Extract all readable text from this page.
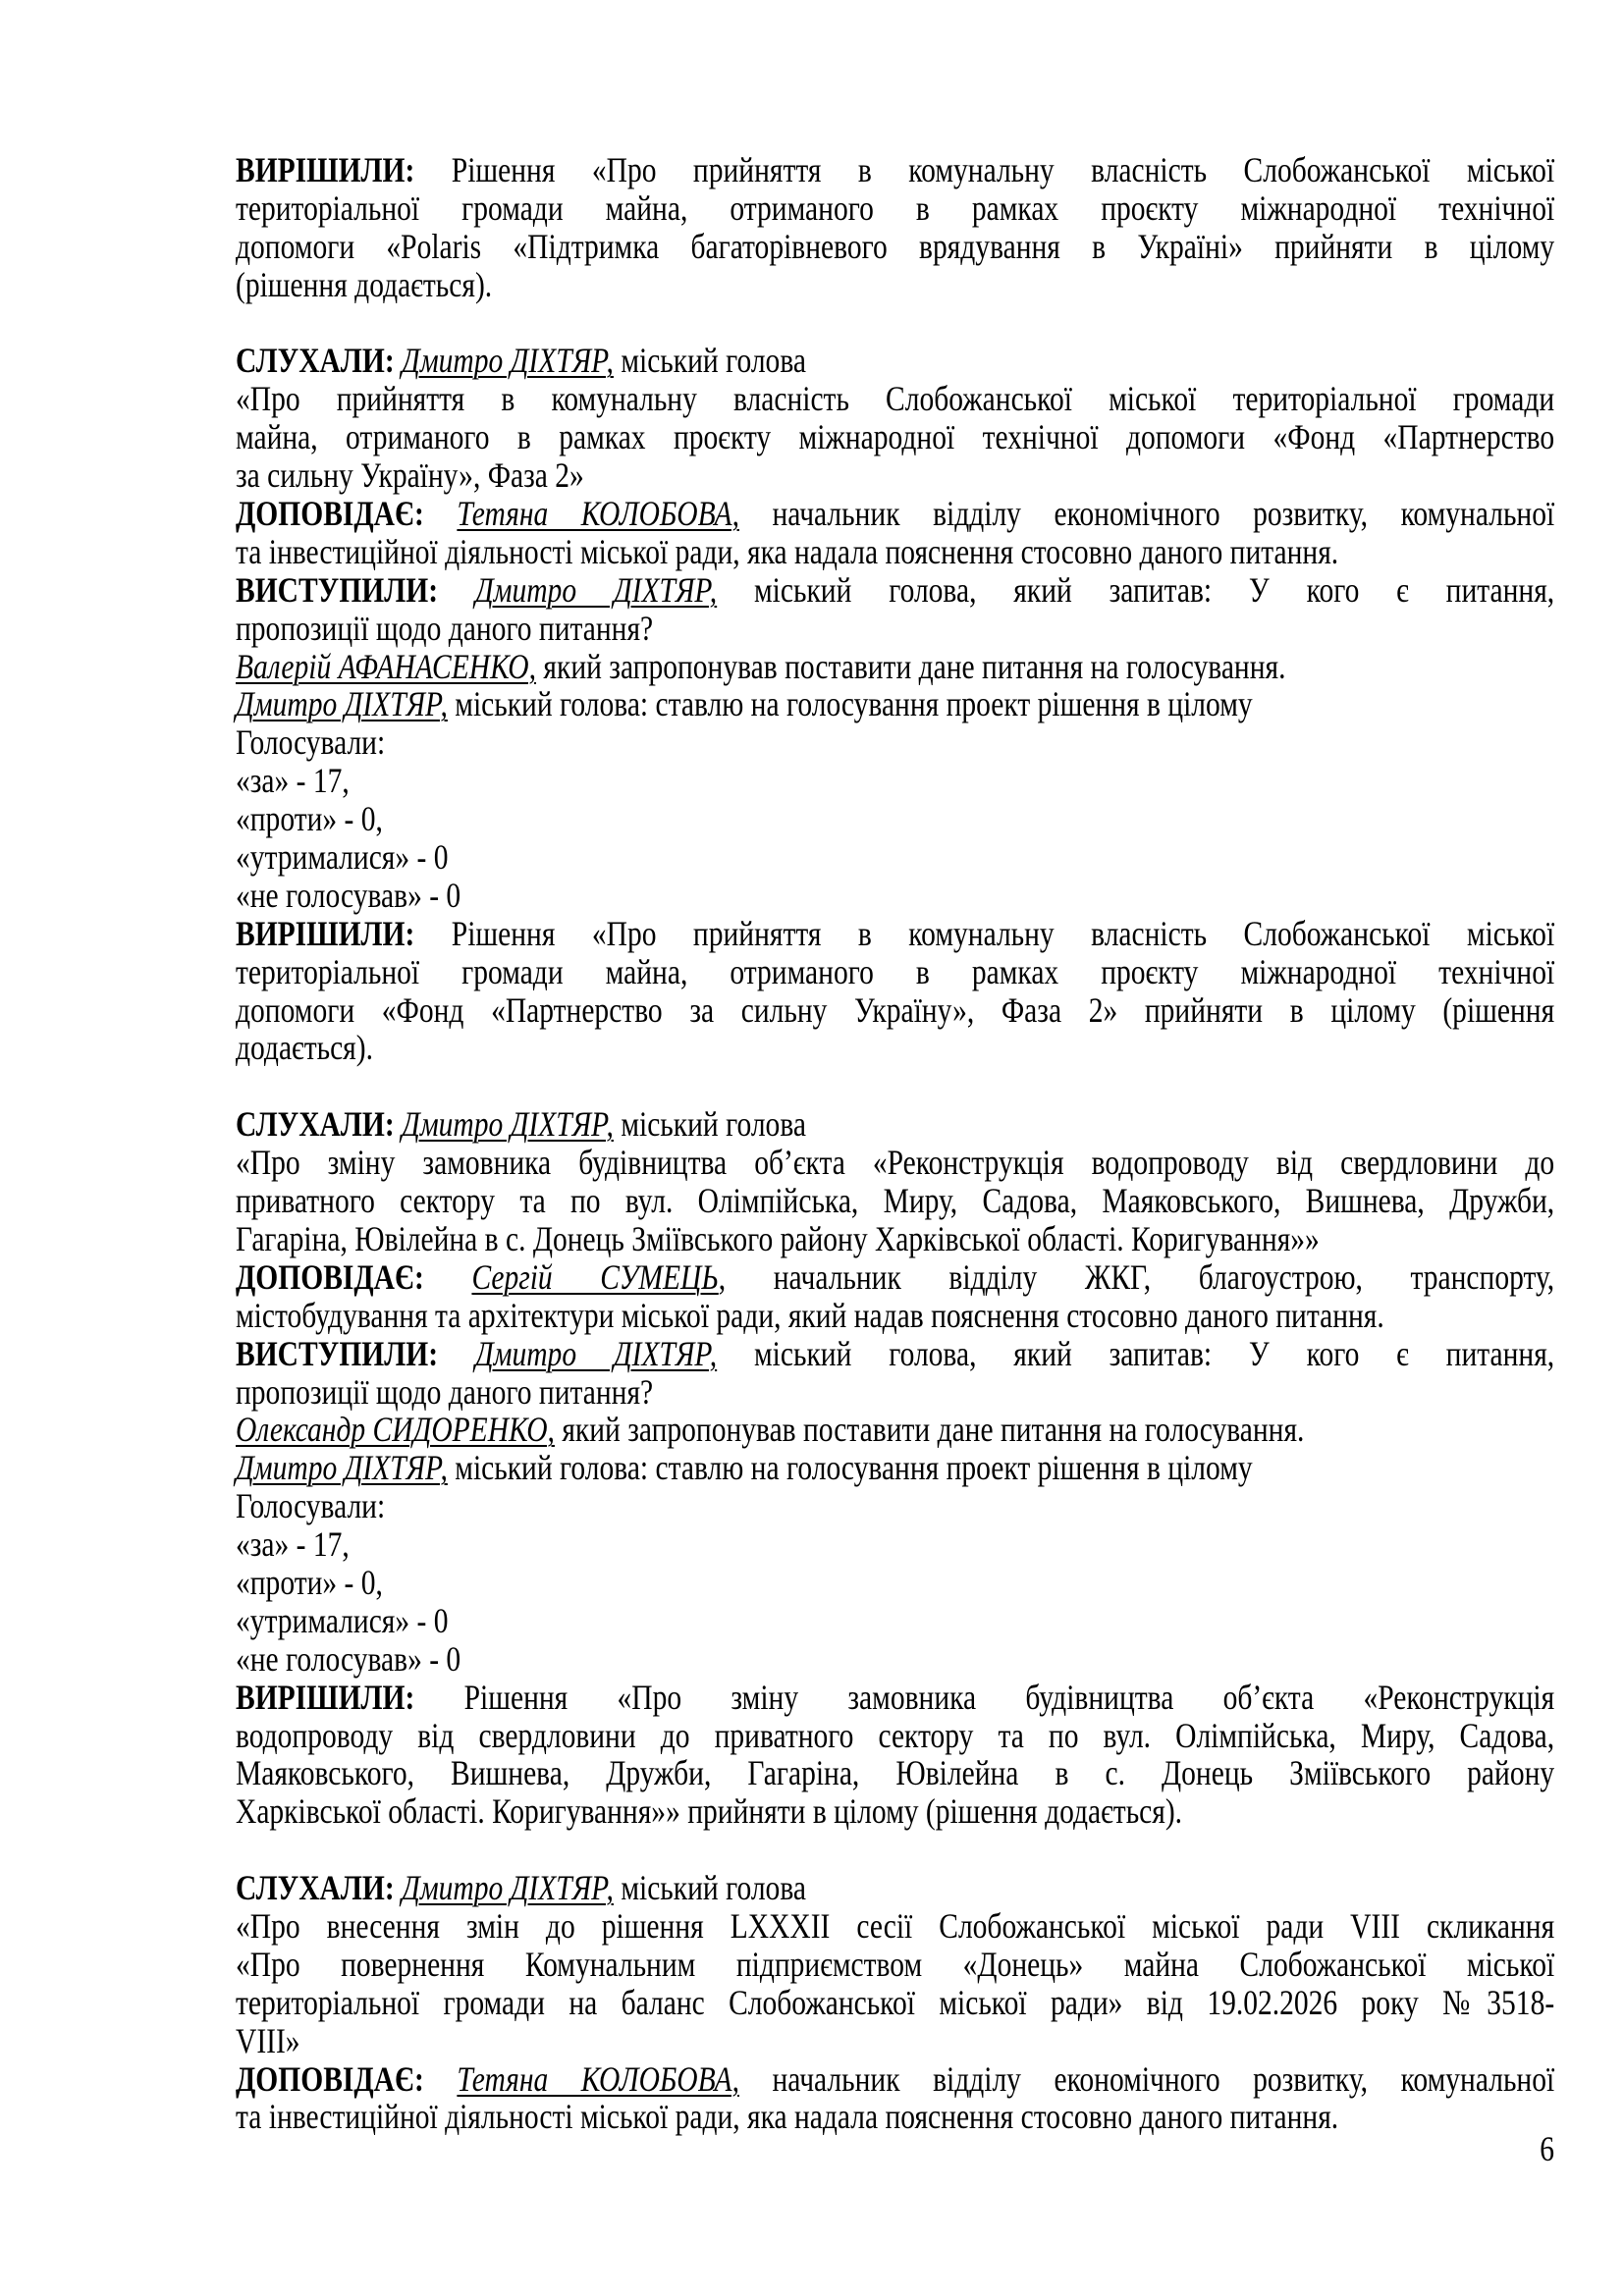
ВИРІШИЛИ: Рішення «Про прийняття в комунальну власність Слобожанської міської
територіальної громади майна, отриманого в рамках проєкту міжнародної технічної
допомоги «Polaris «Підтримка багаторівневого врядування в Україні» прийняти в цілому
(рішення додається).
СЛУХАЛИ: Дмитро ДІХТЯР, міський голова
«Про прийняття в комунальну власність Слобожанської міської територіальної громади
майна, отриманого в рамках проєкту міжнародної технічної допомоги «Фонд «Партнерство
за сильну Україну», Фаза 2»
ДОПОВІДАЄ: Тетяна КОЛОБОВА, начальник відділу економічного розвитку, комунальної
та інвестиційної діяльності міської ради, яка надала пояснення стосовно даного питання.
ВИСТУПИЛИ: Дмитро ДІХТЯР, міський голова, який запитав: У кого є питання,
пропозиції щодо даного питання?
Валерій АФАНАСЕНКО, який запропонував поставити дане питання на голосування.
Дмитро ДІХТЯР, міський голова: ставлю на голосування проект рішення в цілому
Голосували:
«за» - 17,
«проти» - 0,
«утрималися» - 0
«не голосував» - 0
ВИРІШИЛИ: Рішення «Про прийняття в комунальну власність Слобожанської міської
територіальної громади майна, отриманого в рамках проєкту міжнародної технічної
допомоги «Фонд «Партнерство за сильну Україну», Фаза 2» прийняти в цілому (рішення
додається).
СЛУХАЛИ: Дмитро ДІХТЯР, міський голова
«Про зміну замовника будівництва об’єкта «Реконструкція водопроводу від свердловини до
приватного сектору та по вул. Олімпійська, Миру, Садова, Маяковського, Вишнева, Дружби,
Гагаріна, Ювілейна в с. Донець Зміївського району Харківської області. Коригування»»
ДОПОВІДАЄ: Сергій СУМЕЦЬ, начальник відділу ЖКГ, благоустрою, транспорту,
містобудування та архітектури міської ради, який надав пояснення стосовно даного питання.
ВИСТУПИЛИ: Дмитро ДІХТЯР, міський голова, який запитав: У кого є питання,
пропозиції щодо даного питання?
Олександр СИДОРЕНКО, який запропонував поставити дане питання на голосування.
Дмитро ДІХТЯР, міський голова: ставлю на голосування проект рішення в цілому
Голосували:
«за» - 17,
«проти» - 0,
«утрималися» - 0
«не голосував» - 0
ВИРІШИЛИ: Рішення «Про зміну замовника будівництва об’єкта «Реконструкція
водопроводу від свердловини до приватного сектору та по вул. Олімпійська, Миру, Садова,
Маяковського, Вишнева, Дружби, Гагаріна, Ювілейна в с. Донець Зміївського району
Харківської області. Коригування»» прийняти в цілому (рішення додається).
СЛУХАЛИ: Дмитро ДІХТЯР, міський голова
«Про внесення змін до рішення LXXXII сесії Слобожанської міської ради VIII скликання
«Про повернення Комунальним підприємством «Донець» майна Слобожанської міської
територіальної громади на баланс Слобожанської міської ради» від 19.02.2026 року №3518-
VIII»
ДОПОВІДАЄ: Тетяна КОЛОБОВА, начальник відділу економічного розвитку, комунальної
та інвестиційної діяльності міської ради, яка надала пояснення стосовно даного питання.
6
